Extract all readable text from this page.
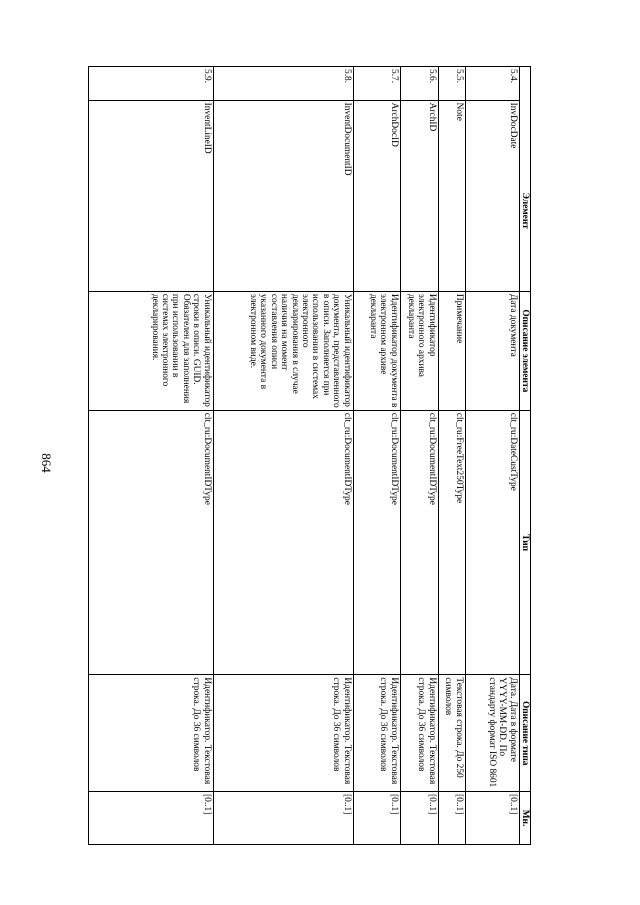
864
Элемент		Описание элемента	Тип	Описание типа	Мн.
5.4.	InvDocDate	Дата документа	clt_ru:DateCustType	Дата. Дата в формате YYYY-MM-DD. По стандарту формат ISO 8601	[0..1]
5.5.	Note	Примечание	clt_ru:FreeText250Type	Текстовая строка. До 250 символов	[0..1]
5.6.	ArchID	Идентификатор электронного архива декларанта	clt_ru:DocumentIDType	Идентификатор. Текстовая строка. До 36 символов	[0..1]
5.7.	ArchDocID	Идентификатор документа в электронном архиве декларанта	clt_ru:DocumentIDType	Идентификатор. Текстовая строка. До 36 символов	[0..1]
5.8.	InventDocumentID	Уникальный идентификатор документа, представленного в описи. Заполняется при использовании в системах электронного декларирования в случае наличия на момент составления описи указанного документа в электронном виде.	clt_ru:DocumentIDType	Идентификатор. Текстовая строка. До 36 символов	[0..1]
5.9.	InventLineID	Уникальный идентификатор строки в описи. GUID. Обязателен для заполнения при использовании в системах электронного декларирования.	clt_ru:DocumentIDType	Идентификатор. Текстовая строка. До 36 символов	[0..1]
